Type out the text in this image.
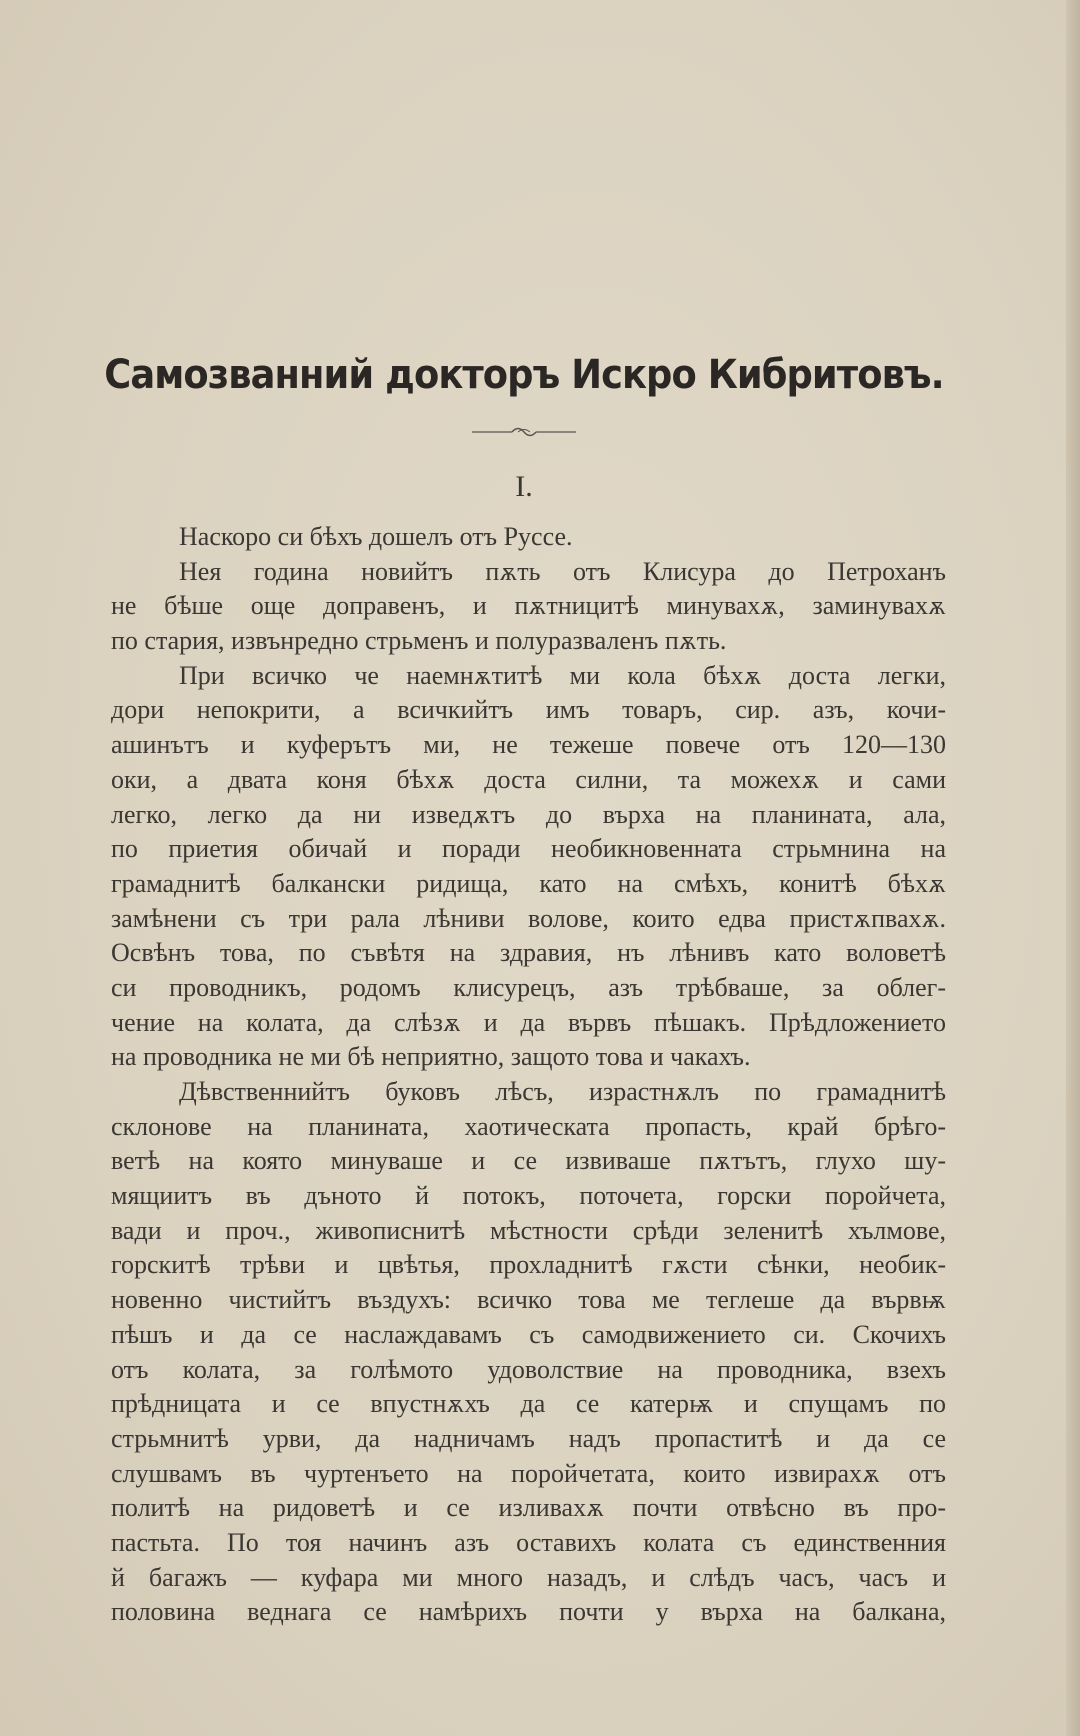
Самозванний докторъ Искро Кибритовъ.
I.
Наскоро си бѣхъ дошелъ отъ Руссе.
Нея година новийтъ пѫть отъ Клисура до Петроханъ
не бѣше още доправенъ, и пѫтницитѣ минувахѫ, заминувахѫ
по стария, извънредно стрьменъ и полуразваленъ пѫть.
При всичко че наемнѫтитѣ ми кола бѣхѫ доста легки,
дори непокрити, а всичкийтъ имъ товаръ, сир. азъ, кочи-
ашинътъ и куферътъ ми, не тежеше повече отъ 120—130
оки, а двата коня бѣхѫ доста силни, та можехѫ и сами
легко, легко да ни изведѫтъ до върха на планината, ала,
по приетия обичай и поради необикновенната стрьмнина на
грамаднитѣ балкански ридища, като на смѣхъ, конитѣ бѣхѫ
замѣнени съ три рала лѣниви волове, които едва пристѫпвахѫ.
Освѣнъ това, по съвѣтя на здравия, нъ лѣнивъ като воловетѣ
си проводникъ, родомъ клисурецъ, азъ трѣбваше, за облег-
чение на колата, да слѣзѫ и да вървъ пѣшакъ. Прѣдложението
на проводника не ми бѣ неприятно, защото това и чакахъ.
Дѣвственнийтъ буковъ лѣсъ, израстнѫлъ по грамаднитѣ
склонове на планината, хаотическата пропасть, край брѣго-
ветѣ на която минуваше и се извиваше пѫтътъ, глухо шу-
мящиитъ въ дъното й потокъ, поточета, горски поройчета,
вади и проч., живописнитѣ мѣстности срѣди зеленитѣ хълмове,
горскитѣ трѣви и цвѣтья, прохладнитѣ гѫсти сѣнки, необик-
новенно чистийтъ въздухъ: всичко това ме теглеше да вървѭ
пѣшъ и да се наслаждавамъ съ самодвижението си. Скочихъ
отъ колата, за голѣмото удоволствие на проводника, взехъ
прѣдницата и се впустнѫхъ да се катерѭ и спущамъ по
стрьмнитѣ урви, да надничамъ надъ пропаститѣ и да се
слушвамъ въ чуртенъето на поройчетата, които извирахѫ отъ
политѣ на ридоветѣ и се изливахѫ почти отвѣсно въ про-
пастьта. По тоя начинъ азъ оставихъ колата съ единственния
й багажъ — куфара ми много назадъ, и слѣдъ часъ, часъ и
половина веднага се намѣрихъ почти у върха на балкана,
